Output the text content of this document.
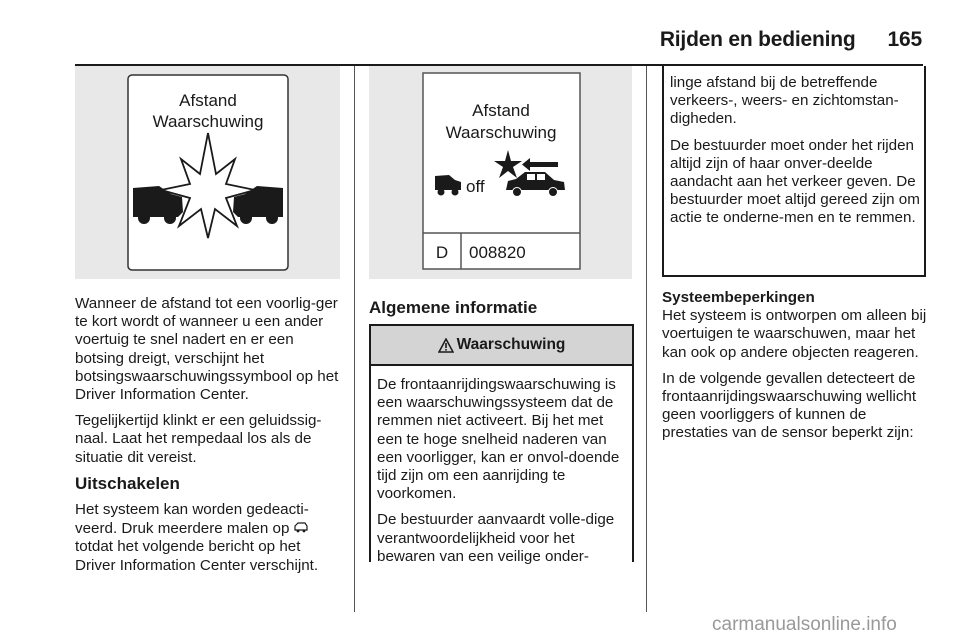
Rijden en bediening 165
Afstand
Waarschuwing

Wanneer de afstand tot een voorlig-ger te kort wordt of wanneer u een ander voertuig te snel nadert en er een botsing dreigt, verschijnt het botsingswaarschuwingssymbool op het Driver Information Center.

Tegelijkertijd klinkt er een geluidssig-naal. Laat het rempedaal los als de situatie dit vereist.

Uitschakelen

Het systeem kan worden gedeacti-veerd. Druk meerdere malen op  totdat het volgende bericht op het Driver Information Center verschijnt.

Afstand
Waarschuwing
off
D 008820
Algemene informatie
Waarschuwing

De frontaanrijdingswaarschuwing is een waarschuwingssysteem dat de remmen niet activeert. Bij het met een te hoge snelheid naderen van een voorligger, kan er onvol-doende tijd zijn om een aanrijding te voorkomen.

De bestuurder aanvaardt volle-dige verantwoordelijkheid voor het bewaren van een veilige onder-

linge afstand bij de betreffende verkeers-, weers- en zichtomstan-digheden.

De bestuurder moet onder het rijden altijd zijn of haar onver-deelde aandacht aan het verkeer geven. De bestuurder moet altijd gereed zijn om actie te onderne-men en te remmen.

Systeembeperkingen

Het systeem is ontworpen om alleen bij voertuigen te waarschuwen, maar het kan ook op andere objecten reageren.

In de volgende gevallen detecteert de frontaanrijdingswaarschuwing wellicht geen voorliggers of kunnen de prestaties van de sensor beperkt zijn:

carmanualsonline.info
